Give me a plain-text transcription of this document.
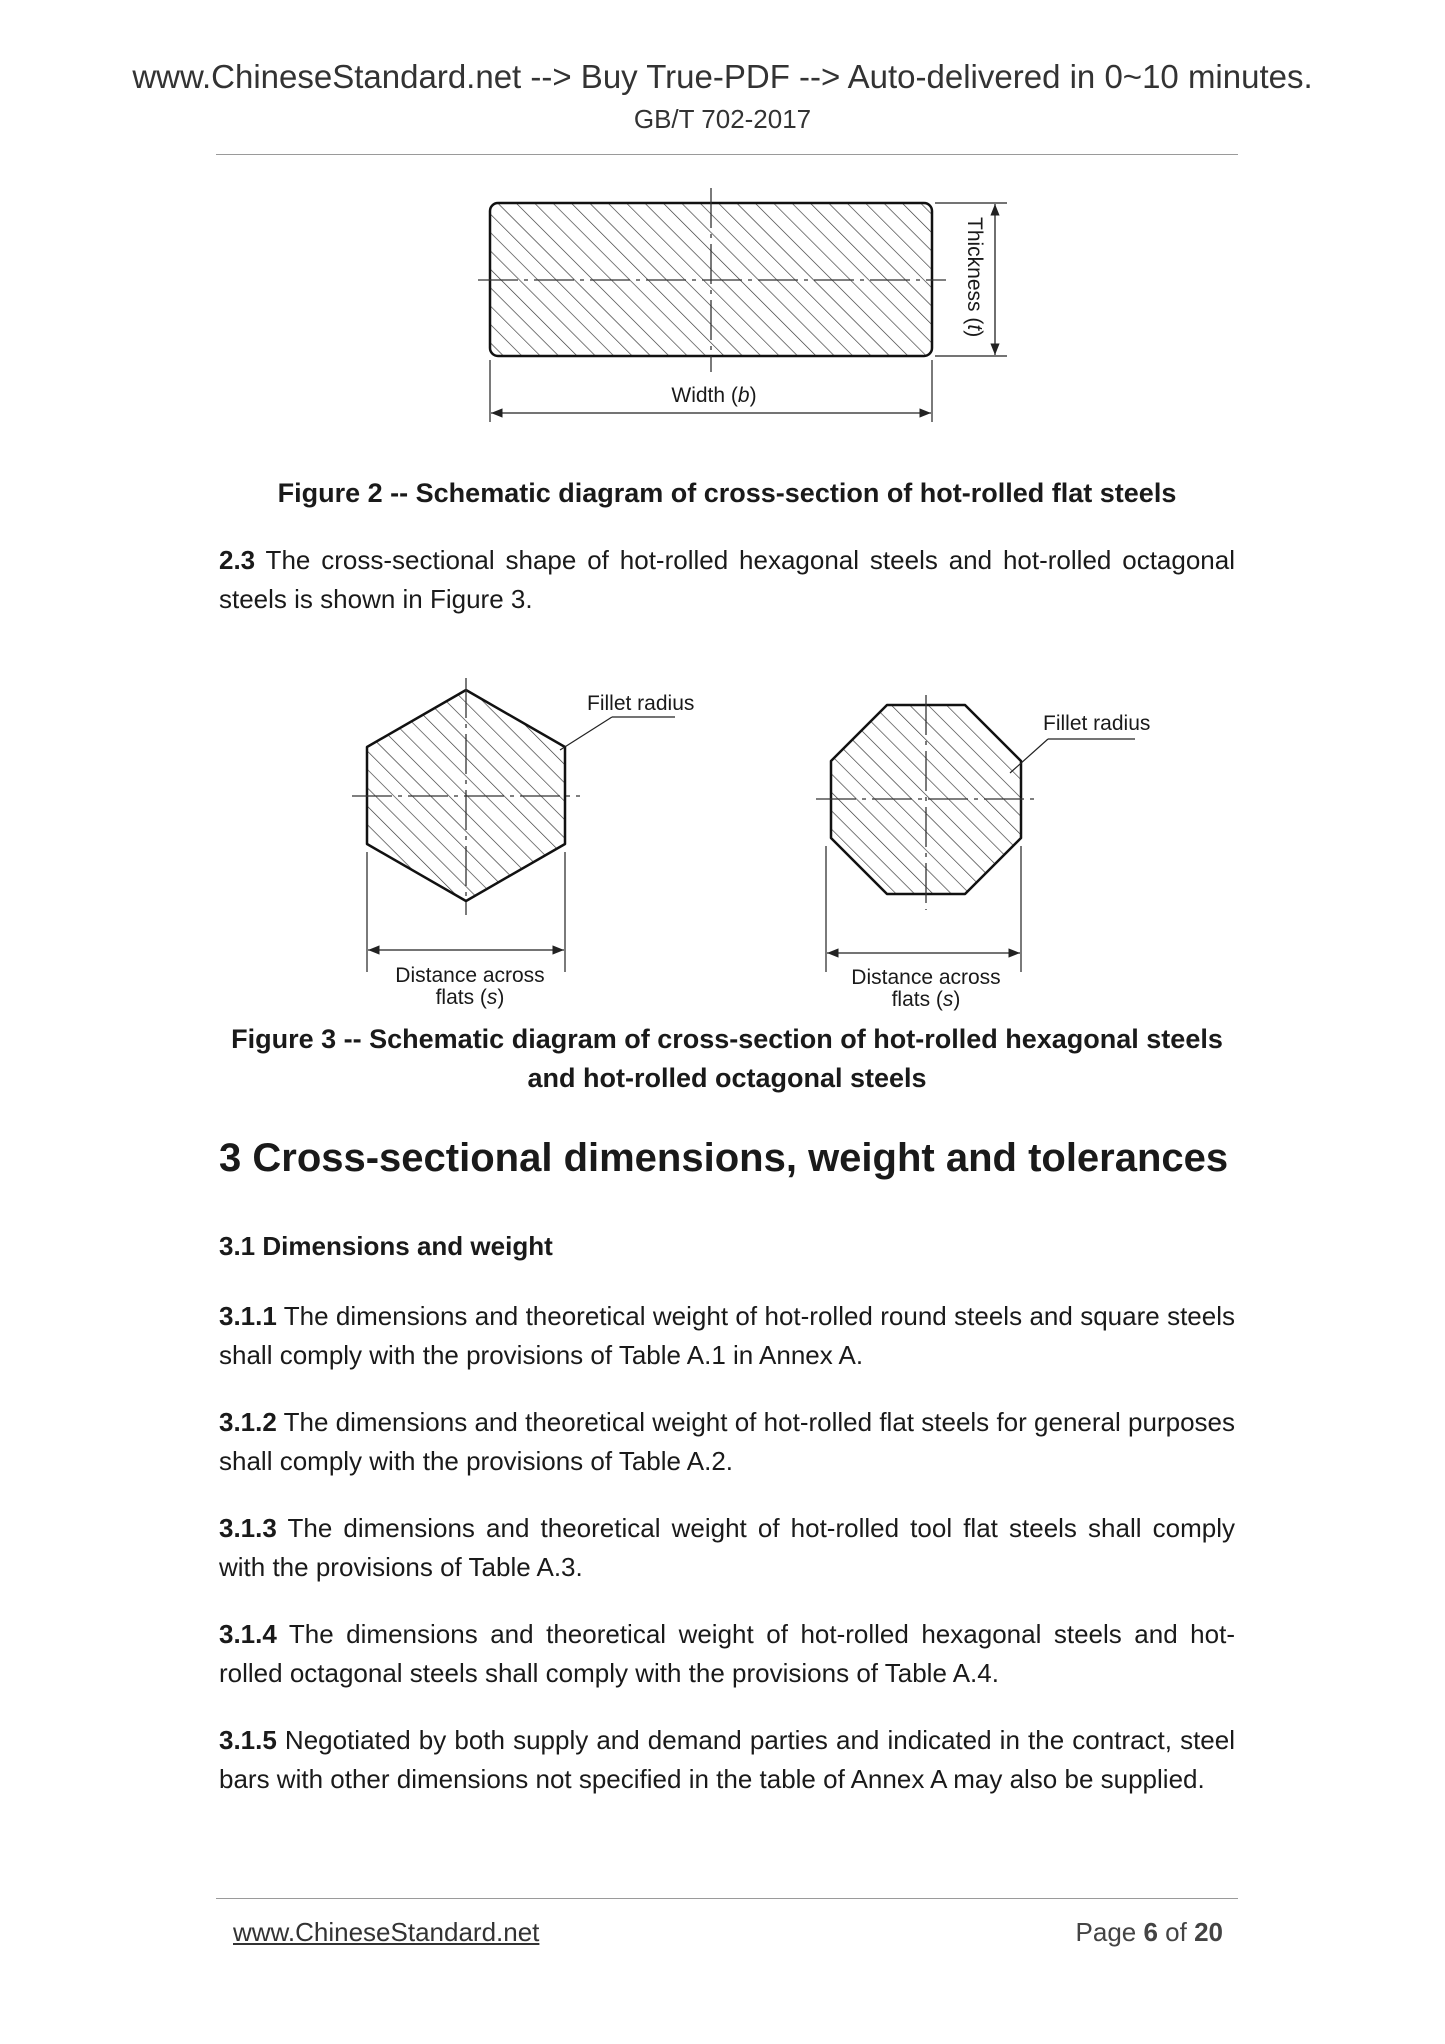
www.ChineseStandard.net --> Buy True-PDF --> Auto-delivered in 0~10 minutes.
GB/T 702-2017
Thickness (t)
Width (b)
Figure 2 -- Schematic diagram of cross-section of hot-rolled flat steels
2.3 The cross-sectional shape of hot-rolled hexagonal steels and hot-rolled octagonal steels is shown in Figure 3.
Fillet radius
Distance across
flats (s)
Fillet radius
Distance across
flats (s)
Figure 3 -- Schematic diagram of cross-section of hot-rolled hexagonal steels
and hot-rolled octagonal steels
3 Cross-sectional dimensions, weight and tolerances
3.1 Dimensions and weight
3.1.1 The dimensions and theoretical weight of hot-rolled round steels and square steels shall comply with the provisions of Table A.1 in Annex A.
3.1.2 The dimensions and theoretical weight of hot-rolled flat steels for general purposes shall comply with the provisions of Table A.2.
3.1.3 The dimensions and theoretical weight of hot-rolled tool flat steels shall comply with the provisions of Table A.3.
3.1.4 The dimensions and theoretical weight of hot-rolled hexagonal steels and hot-rolled octagonal steels shall comply with the provisions of Table A.4.
3.1.5 Negotiated by both supply and demand parties and indicated in the contract, steel bars with other dimensions not specified in the table of Annex A may also be supplied.
www.ChineseStandard.net	Page 6 of 20
